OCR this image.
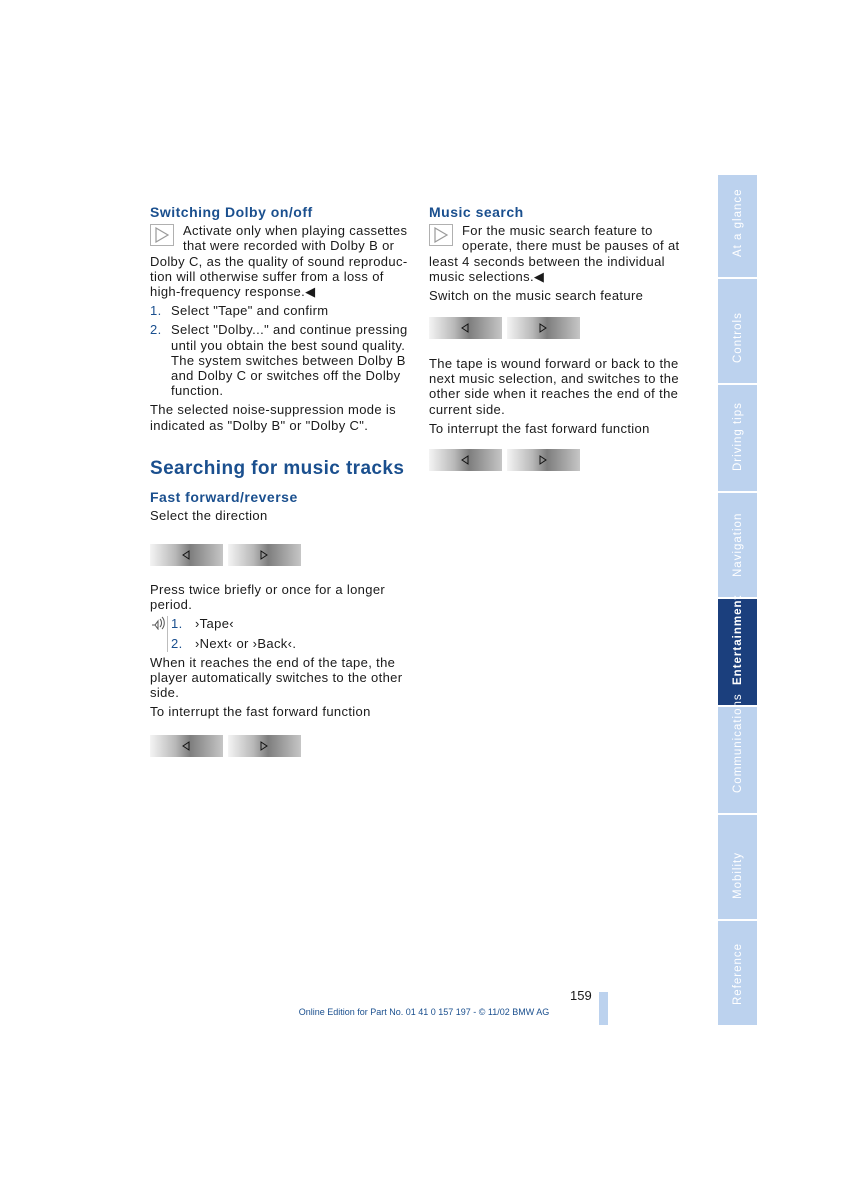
Switching Dolby on/off
Activate only when playing cassettes
that were recorded with Dolby B or

Dolby C, as the quality of sound reproduc-tion will otherwise suffer from a loss of high-frequency response.◀

1. Select "Tape" and confirm
2. Select "Dolby..." and continue pressing until you obtain the best sound quality. The system switches between Dolby B and Dolby C or switches off the Dolby function.

The selected noise-suppression mode is indicated as "Dolby B" or "Dolby C".

Searching for music tracks
Fast forward/reverse

Select the direction

Press twice briefly or once for a longer period.

1. ›Tape‹
2. ›Next‹ or ›Back‹.

When it reaches the end of the tape, the player automatically switches to the other side.

To interrupt the fast forward function

Music search
For the music search feature to
operate, there must be pauses of at

least 4 seconds between the individual music selections.◀

Switch on the music search feature

The tape is wound forward or back to the next music selection, and switches to the other side when it reaches the end of the current side.

To interrupt the fast forward function

At a glance
Controls
Driving tips
Navigation
Entertainment
Communications
Mobility
Reference
159
Online Edition for Part No. 01 41 0 157 197 - © 11/02 BMW AG
